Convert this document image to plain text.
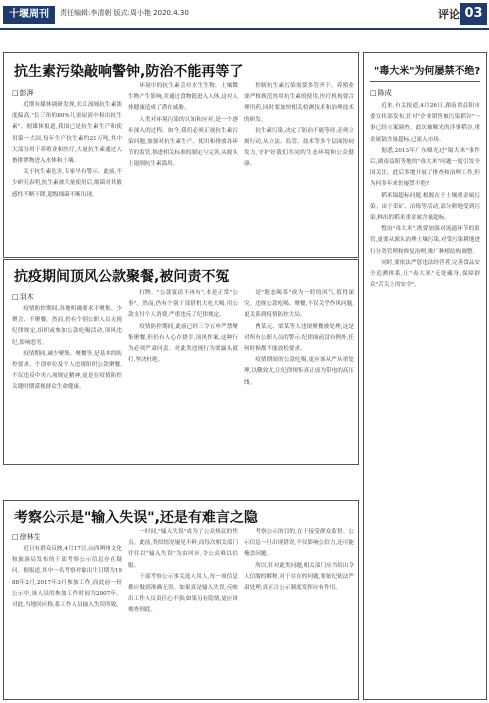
十堰周刊	责任编辑:李清朝 版式:周小艳 2020.4.30	评论 03
抗生素污染敲响警钟,防治不能再等了
□ 彭湃

近期有媒体调研发现,长江流域抗生素浓度偏高,"长三角的80%儿童尿液中检出抗生素"。据媒体报道,我国已是抗生素生产和使用第一大国,每年生产抗生素约21万吨,其中大部分用于养殖业和医疗,大量抗生素通过人畜排泄物进入水体和土壤。

关于抗生素危害,专家早有警示。此前,不少研究表明,抗生素被大量使用后,细菌对其敏感性不断下降,超级细菌不断出现。

环境中的抗生素会对水生生物、土壤微生物产生影响,并通过食物链进入人体,这对人体健康造成了潜在威胁。

人类对环境污染的认知和应对,是一个逐步深入的过程。如今,我们必须正视抗生素污染问题,加强对抗生素生产、使用和排放各环节的监管,推进相关标准的制定与完善,从源头上遏制抗生素滥用。

控制抗生素污染需要多管齐下。养殖业要严格规范兽用抗生素的使用,医疗机构要合理用药,同时要加快相关检测技术和治理技术的研发。

抗生素污染,决定了防治不能等待,必须立刻行动,从立法、监管、技术等多个层面协同发力,守护好我们共同的生态环境和公众健康。

抗疫期间顶风公款聚餐,被问责不冤
□ 羽木

疫情防控期间,各地明确要求不聚集、少聚会、不聚餐。然而,仍有个别公职人员无视纪律规定,组织或参加公款吃喝活动,顶风违纪,影响恶劣。

疫情期间,减少聚集、聚餐等,是基本的防控要求。个别单位及个人违规组织公款聚餐,不仅违反中央八项规定精神,更是在疫情防控关键时期漠视群众生命健康。

打牌。"公款宴请不再有",本是正常"公事"。然而,仍有个别干部借机大吃大喝,用公款支付个人消费,严重违反了纪律规定。

疫情防控期间,此前已经三令五申严禁聚集聚餐,但仍有人心存侥幸,顶风作案,这种行为必须严肃问责。对此类违规行为要露头就打,坚决杜绝。

是"地态喝茶"成为一时的风气,值得深究。违规公款吃喝、聚餐,不仅关乎作风问题,更关系到疫情防控大局。

曹某元、梁某等人违规聚餐被处理,这是对所有公职人员的警示:纪律面前没有例外,任何时候都不能放松要求。

疫情期间的公款吃喝,更应该从严从重处理,以儆效尤,让纪律规矩真正成为带电的高压线。

考察公示是"输入失误",还是有难言之隐
□ 徐林生

近日有群众反映,4月17日,山西朔州文化和旅游局发布的干部考察公示信息存在疑问。据报道,其中一名考察对象出生日期为1988年2月,2017年3月参加工作,而此前一份公示中,该人员的参加工作时间为2007年。对此,当地回应称,系工作人员输入失误所致。

一时间,"输入失误"成为了公众热议的焦点。此前,类似情况屡见不鲜,而每次相关部门往往以"输入失误"为由回应,令公众难以信服。

干部考察公示事关选人用人,每一项信息都应做到准确无误。如果真是输入失误,反映出工作人员责任心不强;如果另有隐情,更应该彻查到底。

考察公示的目的,在于接受群众监督。公示信息一旦出现错误,不仅影响公信力,还可能掩盖问题。

所以,针对此类问题,相关部门应当给出令人信服的解释,对于存在的问题,要依纪依法严肃处理,真正让公示制度发挥应有作用。

"毒大米"为何屡禁不绝?
□ 陈成

近来,有关报道,4月26日,湖南省益阳市委宣传部发布,针对"企业销售被污染稻谷"一事已经立案调查。此次被曝光的涉事稻谷,重金属镉含量超标,已流入市场。

据悉,2013年广东曝光过"镉大米"事件后,湖南益阳等地的"毒大米"问题一度引发全国关注。此后多地开展了排查和治理工作,但为何多年来仍屡禁不绝?

稻米镉超标问题,根源在于土壤重金属污染。由于采矿、冶炼等活动,部分耕地受到污染,种出的稻米重金属含量超标。

整治"毒大米",既要加强对流通环节的监管,更要从源头治理土壤污染,对受污染耕地进行分类管理和修复治理,推广种植结构调整。

同时,要依法严惩违法经营者,完善食品安全追溯体系,让"毒大米"无处藏身,保障群众"舌尖上的安全"。
